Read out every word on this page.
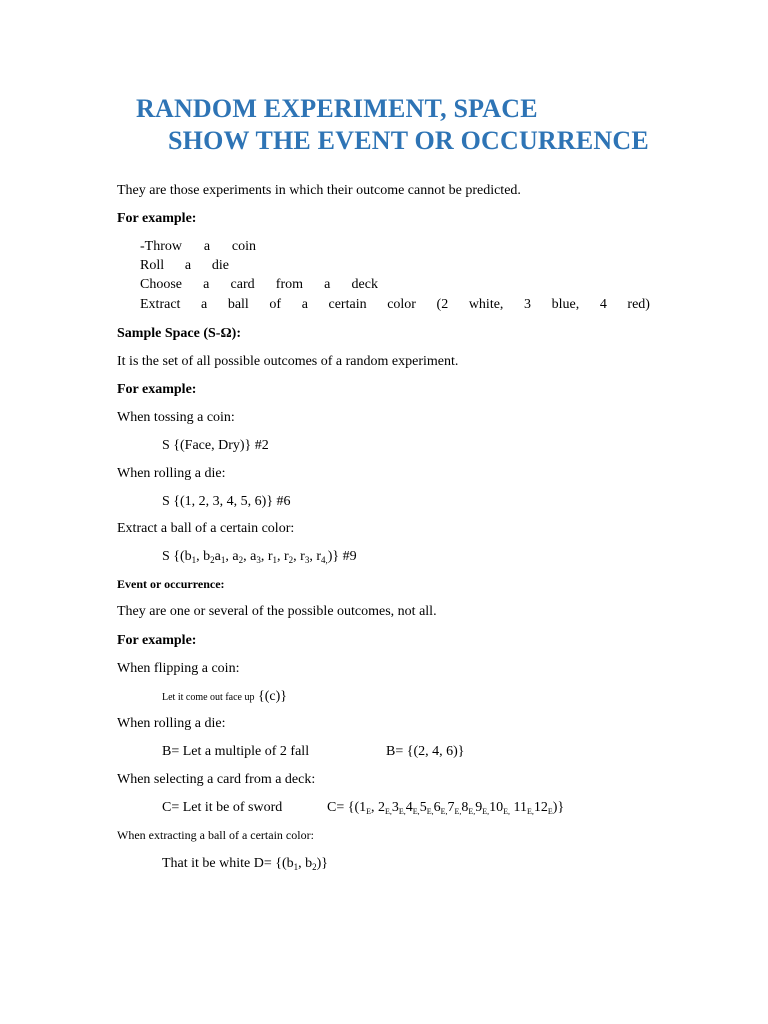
RANDOM EXPERIMENT, SPACE
SHOW THE EVENT OR OCCURRENCE

They are those experiments in which their outcome cannot be predicted.

For example:

-Throw a coin

Roll a die

Choose a card from a deck

Extract a ball of a certain color (2 white, 3 blue, 4 red)

Sample Space (S-Ω):

It is the set of all possible outcomes of a random experiment.

For example:

When tossing a coin:

S {(Face, Dry)} #2

When rolling a die:

S {(1, 2, 3, 4, 5, 6)} #6

Extract a ball of a certain color:

S {($b_1$, $b_2a_1$, $a_2$, $a_3$, $r_1$, $r_2$, $r_3$, $r_{4,}$)} #9

Event or occurrence:

They are one or several of the possible outcomes, not all.

For example:

When flipping a coin:

Let it come out face up {(c)}

When rolling a die:

B= Let a multiple of 2 fall	B= {(2, 4, 6)}

When selecting a card from a deck:

C= Let it be of sword	$C= \{(1_E$, $2_{E,}3_{E,}4_{E,}5_{E,}6_{E,}7_{E,}8_{E,}9_{E,}10_{E,}$ $11_{E,}12_E$)}

When extracting a ball of a certain color:

That it be white $D= \{(b_1$, $b_2$)}
